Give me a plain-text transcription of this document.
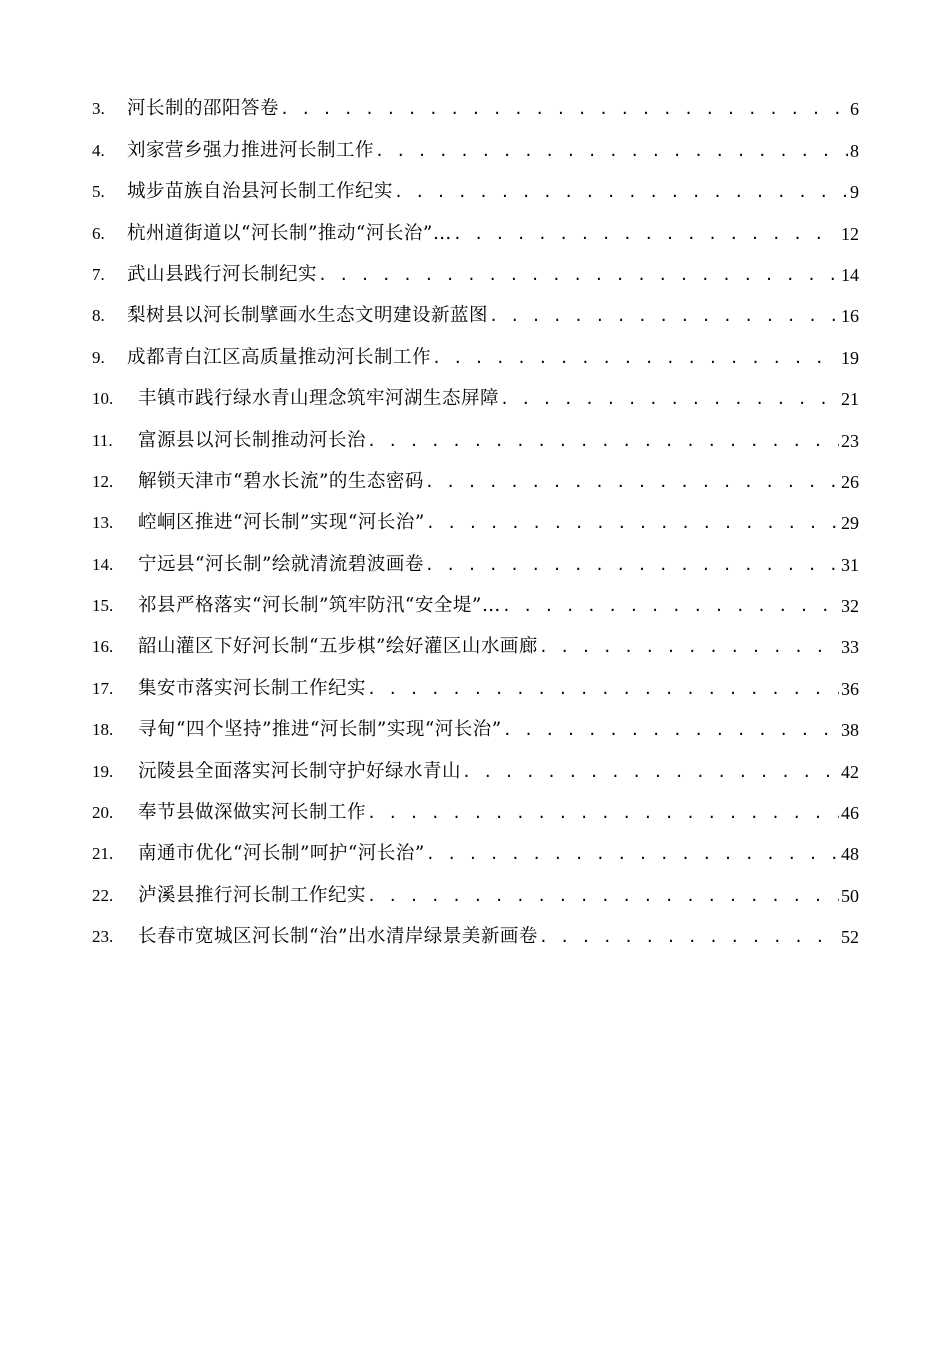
3.	河长制的邵阳答卷 . . .	6
4.	刘家营乡强力推进河长制工作 . . .	8
5.	城步苗族自治县河长制工作纪实 . . .	9
6.	杭州道街道以“河长制”推动“河长治”… . . .	12
7.	武山县践行河长制纪实 . . .	14
8.	梨树县以河长制擘画水生态文明建设新蓝图 . . .	16
9.	成都青白江区高质量推动河长制工作 . . .	19
10.	丰镇市践行绿水青山理念筑牢河湖生态屏障 . . .	21
11.	富源县以河长制推动河长治 . . .	23
12.	解锁天津市“碧水长流”的生态密码 . . .	26
13.	崆峒区推进“河长制”实现“河长治” . . .	29
14.	宁远县“河长制”绘就清流碧波画卷 . . .	31
15.	祁县严格落实“河长制”筑牢防汛“安全堤”… . . .	32
16.	韶山灌区下好河长制“五步棋”绘好灌区山水画廊 . . .	33
17.	集安市落实河长制工作纪实 . . .	36
18.	寻甸“四个坚持”推进“河长制”实现“河长治” . . .	38
19.	沅陵县全面落实河长制守护好绿水青山 . . .	42
20.	奉节县做深做实河长制工作 . . .	46
21.	南通市优化“河长制”呵护“河长治” . . .	48
22.	泸溪县推行河长制工作纪实 . . .	50
23.	长春市宽城区河长制“治”出水清岸绿景美新画卷 . . .	52
